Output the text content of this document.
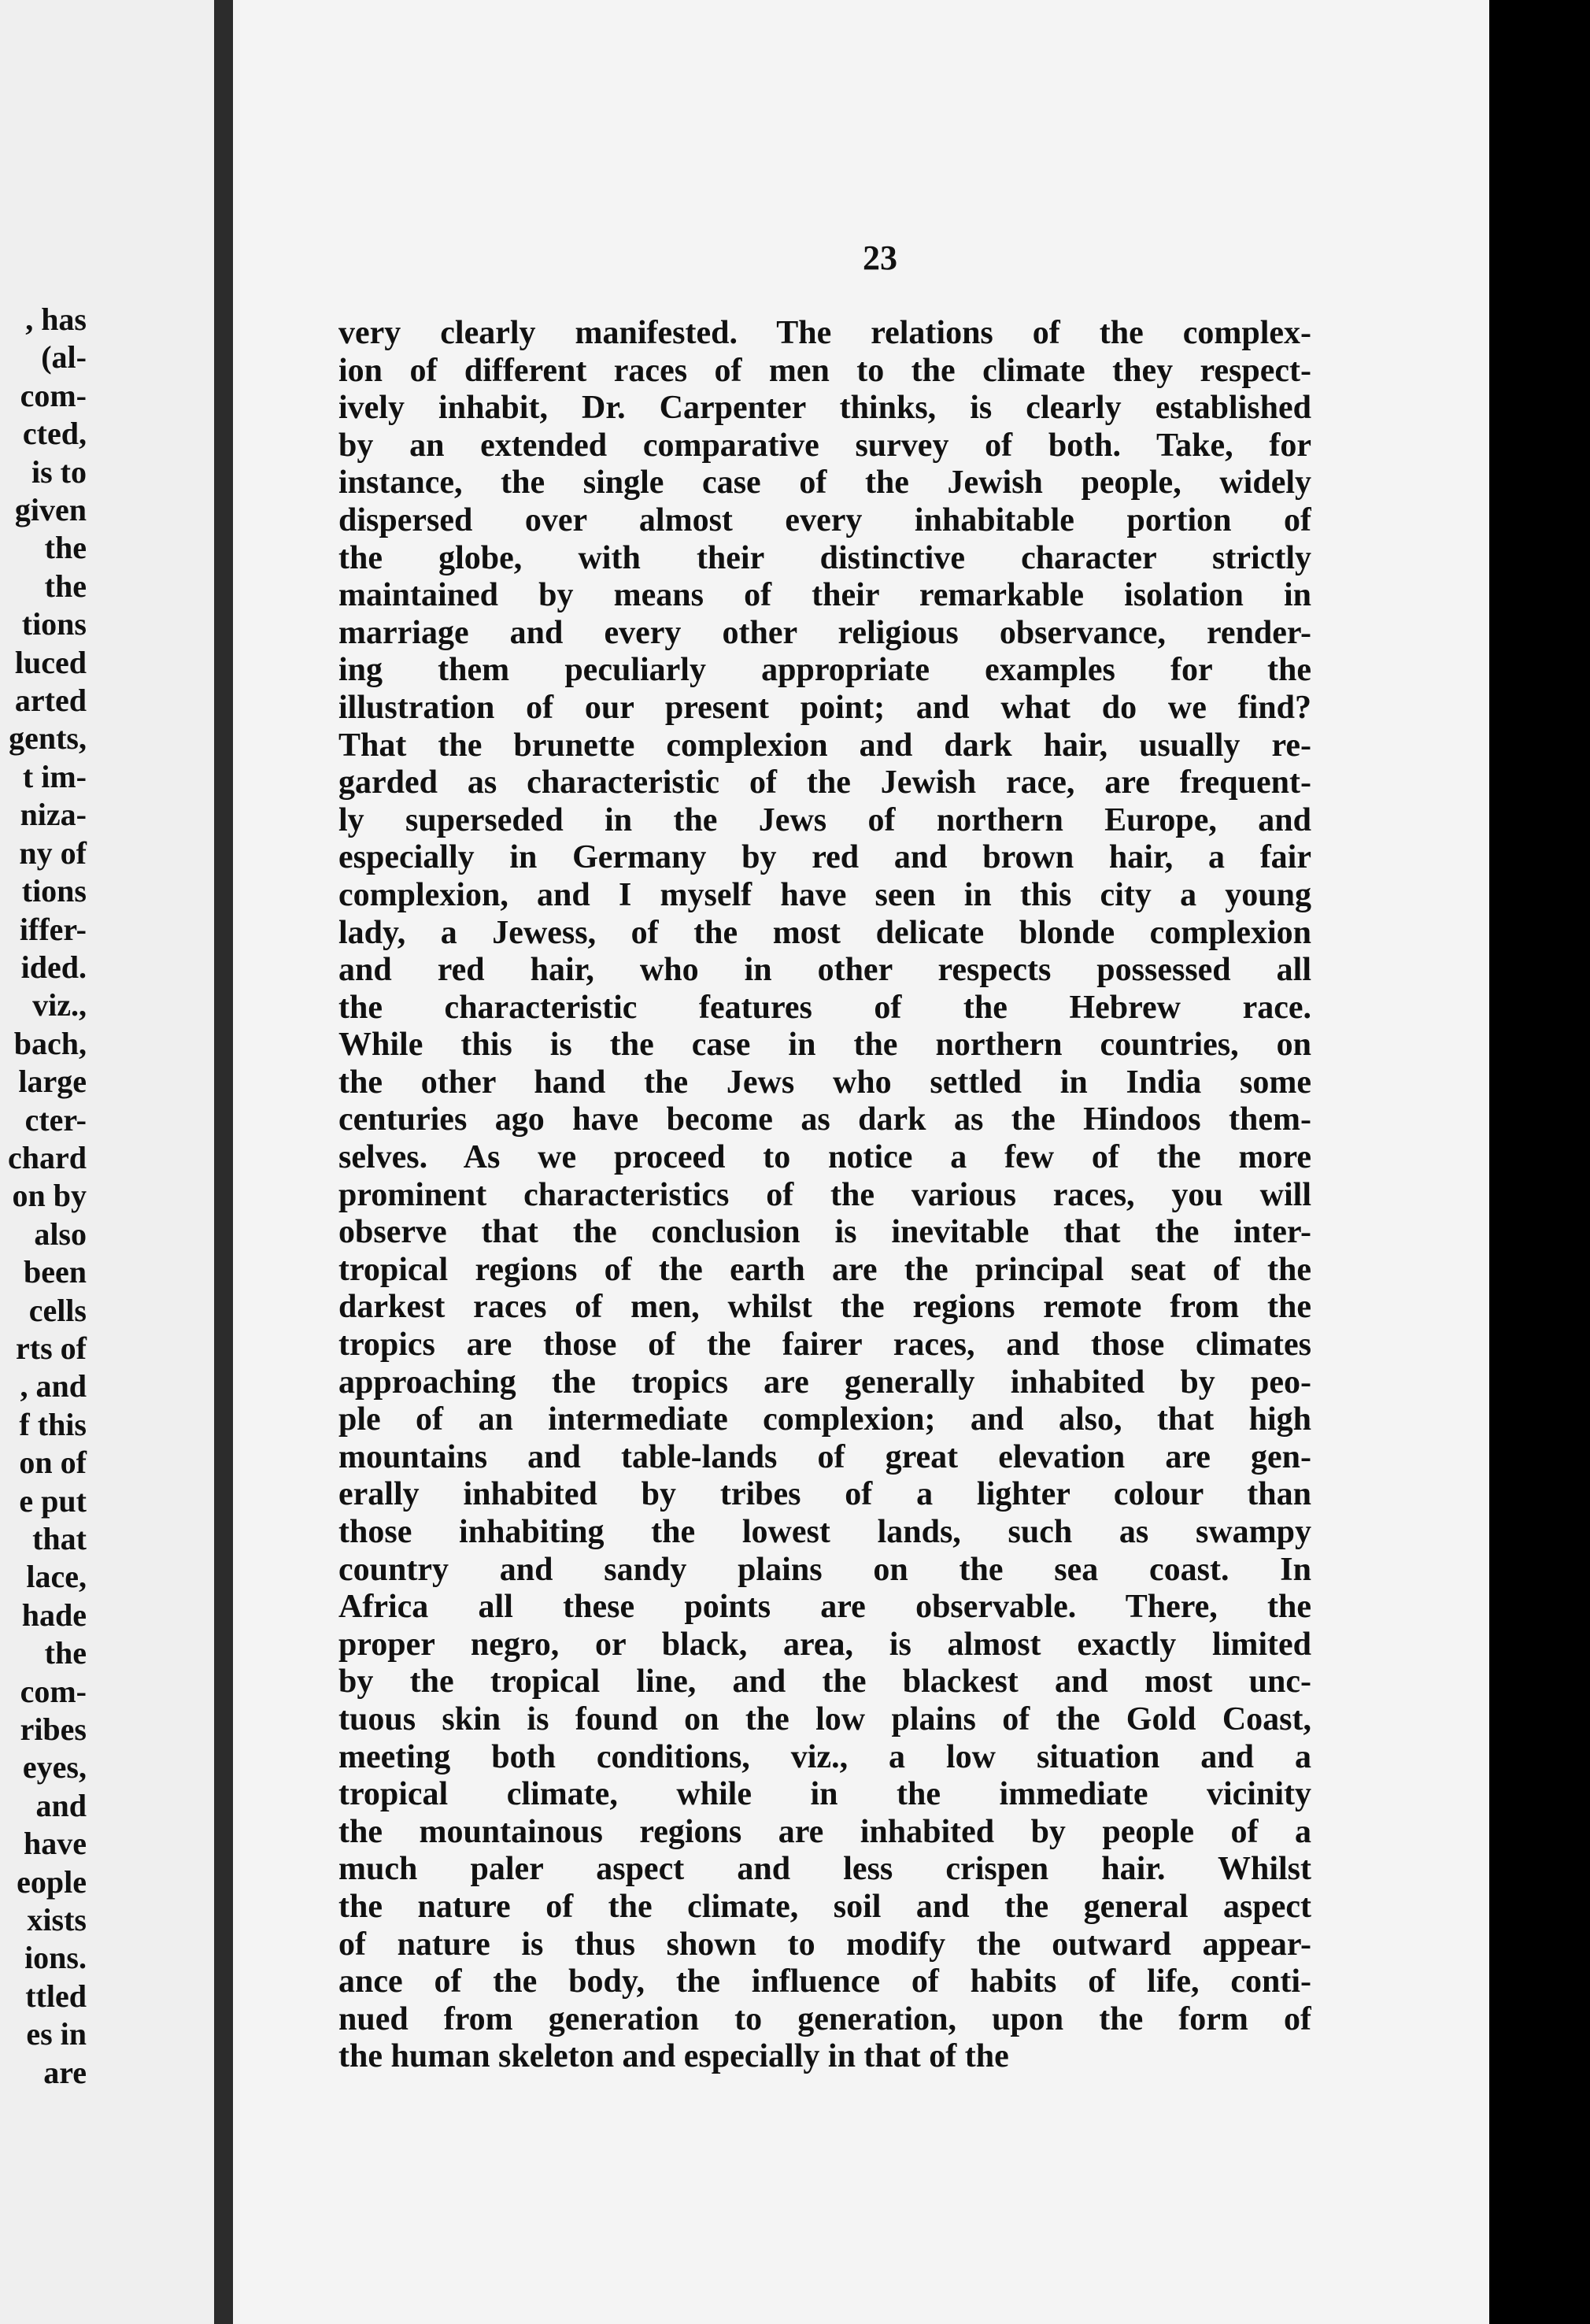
, has
(al-
com-
cted,
is to
given
the
the
tions
luced
arted
gents,
t im-
niza-
ny of
tions
iffer-
ided.
viz.,
bach,
large
cter-
chard
on by
also
been
cells
rts of
, and
f this
on of
e put
that
lace,
hade
the
com-
ribes
eyes,
and
have
eople
xists
ions.
ttled
es in
are

23

very clearly manifested. The relations of the complex-
ion of different races of men to the climate they respect-
ively inhabit, Dr. Carpenter thinks, is clearly established
by an extended comparative survey of both. Take, for
instance, the single case of the Jewish people, widely
dispersed over almost every inhabitable portion of
the globe, with their distinctive character strictly
maintained by means of their remarkable isolation in
marriage and every other religious observance, render-
ing them peculiarly appropriate examples for the
illustration of our present point; and what do we find?
That the brunette complexion and dark hair, usually re-
garded as characteristic of the Jewish race, are frequent-
ly superseded in the Jews of northern Europe, and
especially in Germany by red and brown hair, a fair
complexion, and I myself have seen in this city a young
lady, a Jewess, of the most delicate blonde complexion
and red hair, who in other respects possessed all
the characteristic features of the Hebrew race.
While this is the case in the northern countries, on
the other hand the Jews who settled in India some
centuries ago have become as dark as the Hindoos them-
selves. As we proceed to notice a few of the more
prominent characteristics of the various races, you will
observe that the conclusion is inevitable that the inter-
tropical regions of the earth are the principal seat of the
darkest races of men, whilst the regions remote from the
tropics are those of the fairer races, and those climates
approaching the tropics are generally inhabited by peo-
ple of an intermediate complexion; and also, that high
mountains and table-lands of great elevation are gen-
erally inhabited by tribes of a lighter colour than
those inhabiting the lowest lands, such as swampy
country and sandy plains on the sea coast. In
Africa all these points are observable. There, the
proper negro, or black, area, is almost exactly limited
by the tropical line, and the blackest and most unc-
tuous skin is found on the low plains of the Gold Coast,
meeting both conditions, viz., a low situation and a
tropical climate, while in the immediate vicinity
the mountainous regions are inhabited by people of a
much paler aspect and less crispen hair. Whilst
the nature of the climate, soil and the general aspect
of nature is thus shown to modify the outward appear-
ance of the body, the influence of habits of life, conti-
nued from generation to generation, upon the form of
the human skeleton and especially in that of the
